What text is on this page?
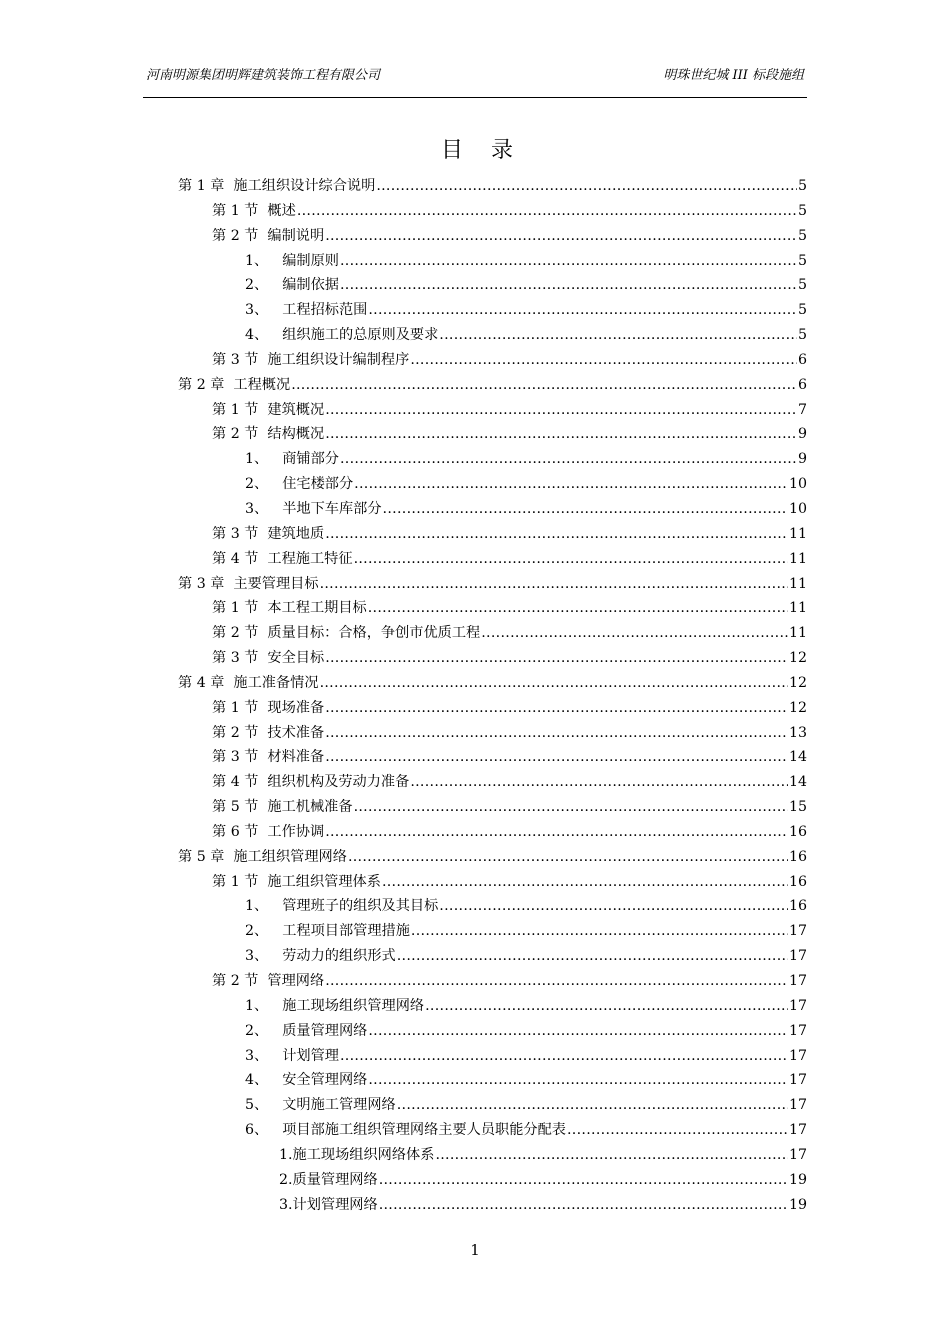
河南明源集团明辉建筑装饰工程有限公司	明珠世纪城 III 标段施组
目录
第 1 章 施工组织设计综合说明 .....	5
第 1 节 概述 .....	5
第 2 节 编制说明 .....	5
1、 编制原则 .....	5
2、 编制依据 .....	5
3、 工程招标范围 .....	5
4、 组织施工的总原则及要求 .....	5
第 3 节 施工组织设计编制程序 .....	6
第 2 章 工程概况 .....	6
第 1 节 建筑概况 .....	7
第 2 节 结构概况 .....	9
1、 商铺部分 .....	9
2、 住宅楼部分 .....	10
3、 半地下车库部分 .....	10
第 3 节 建筑地质 .....	11
第 4 节 工程施工特征 .....	11
第 3 章 主要管理目标 .....	11
第 1 节 本工程工期目标 .....	11
第 2 节 质量目标：合格，争创市优质工程 .....	11
第 3 节 安全目标 .....	12
第 4 章 施工准备情况 .....	12
第 1 节 现场准备 .....	12
第 2 节 技术准备 .....	13
第 3 节 材料准备 .....	14
第 4 节 组织机构及劳动力准备 .....	14
第 5 节 施工机械准备 .....	15
第 6 节 工作协调 .....	16
第 5 章 施工组织管理网络 .....	16
第 1 节 施工组织管理体系 .....	16
1、 管理班子的组织及其目标 .....	16
2、 工程项目部管理措施 .....	17
3、 劳动力的组织形式 .....	17
第 2 节 管理网络 .....	17
1、 施工现场组织管理网络 .....	17
2、 质量管理网络 .....	17
3、 计划管理 .....	17
4、 安全管理网络 .....	17
5、 文明施工管理网络 .....	17
6、 项目部施工组织管理网络主要人员职能分配表 .....	17
1. 施工现场组织网络体系 .....	17
2. 质量管理网络 .....	19
3. 计划管理网络 .....	19
1
